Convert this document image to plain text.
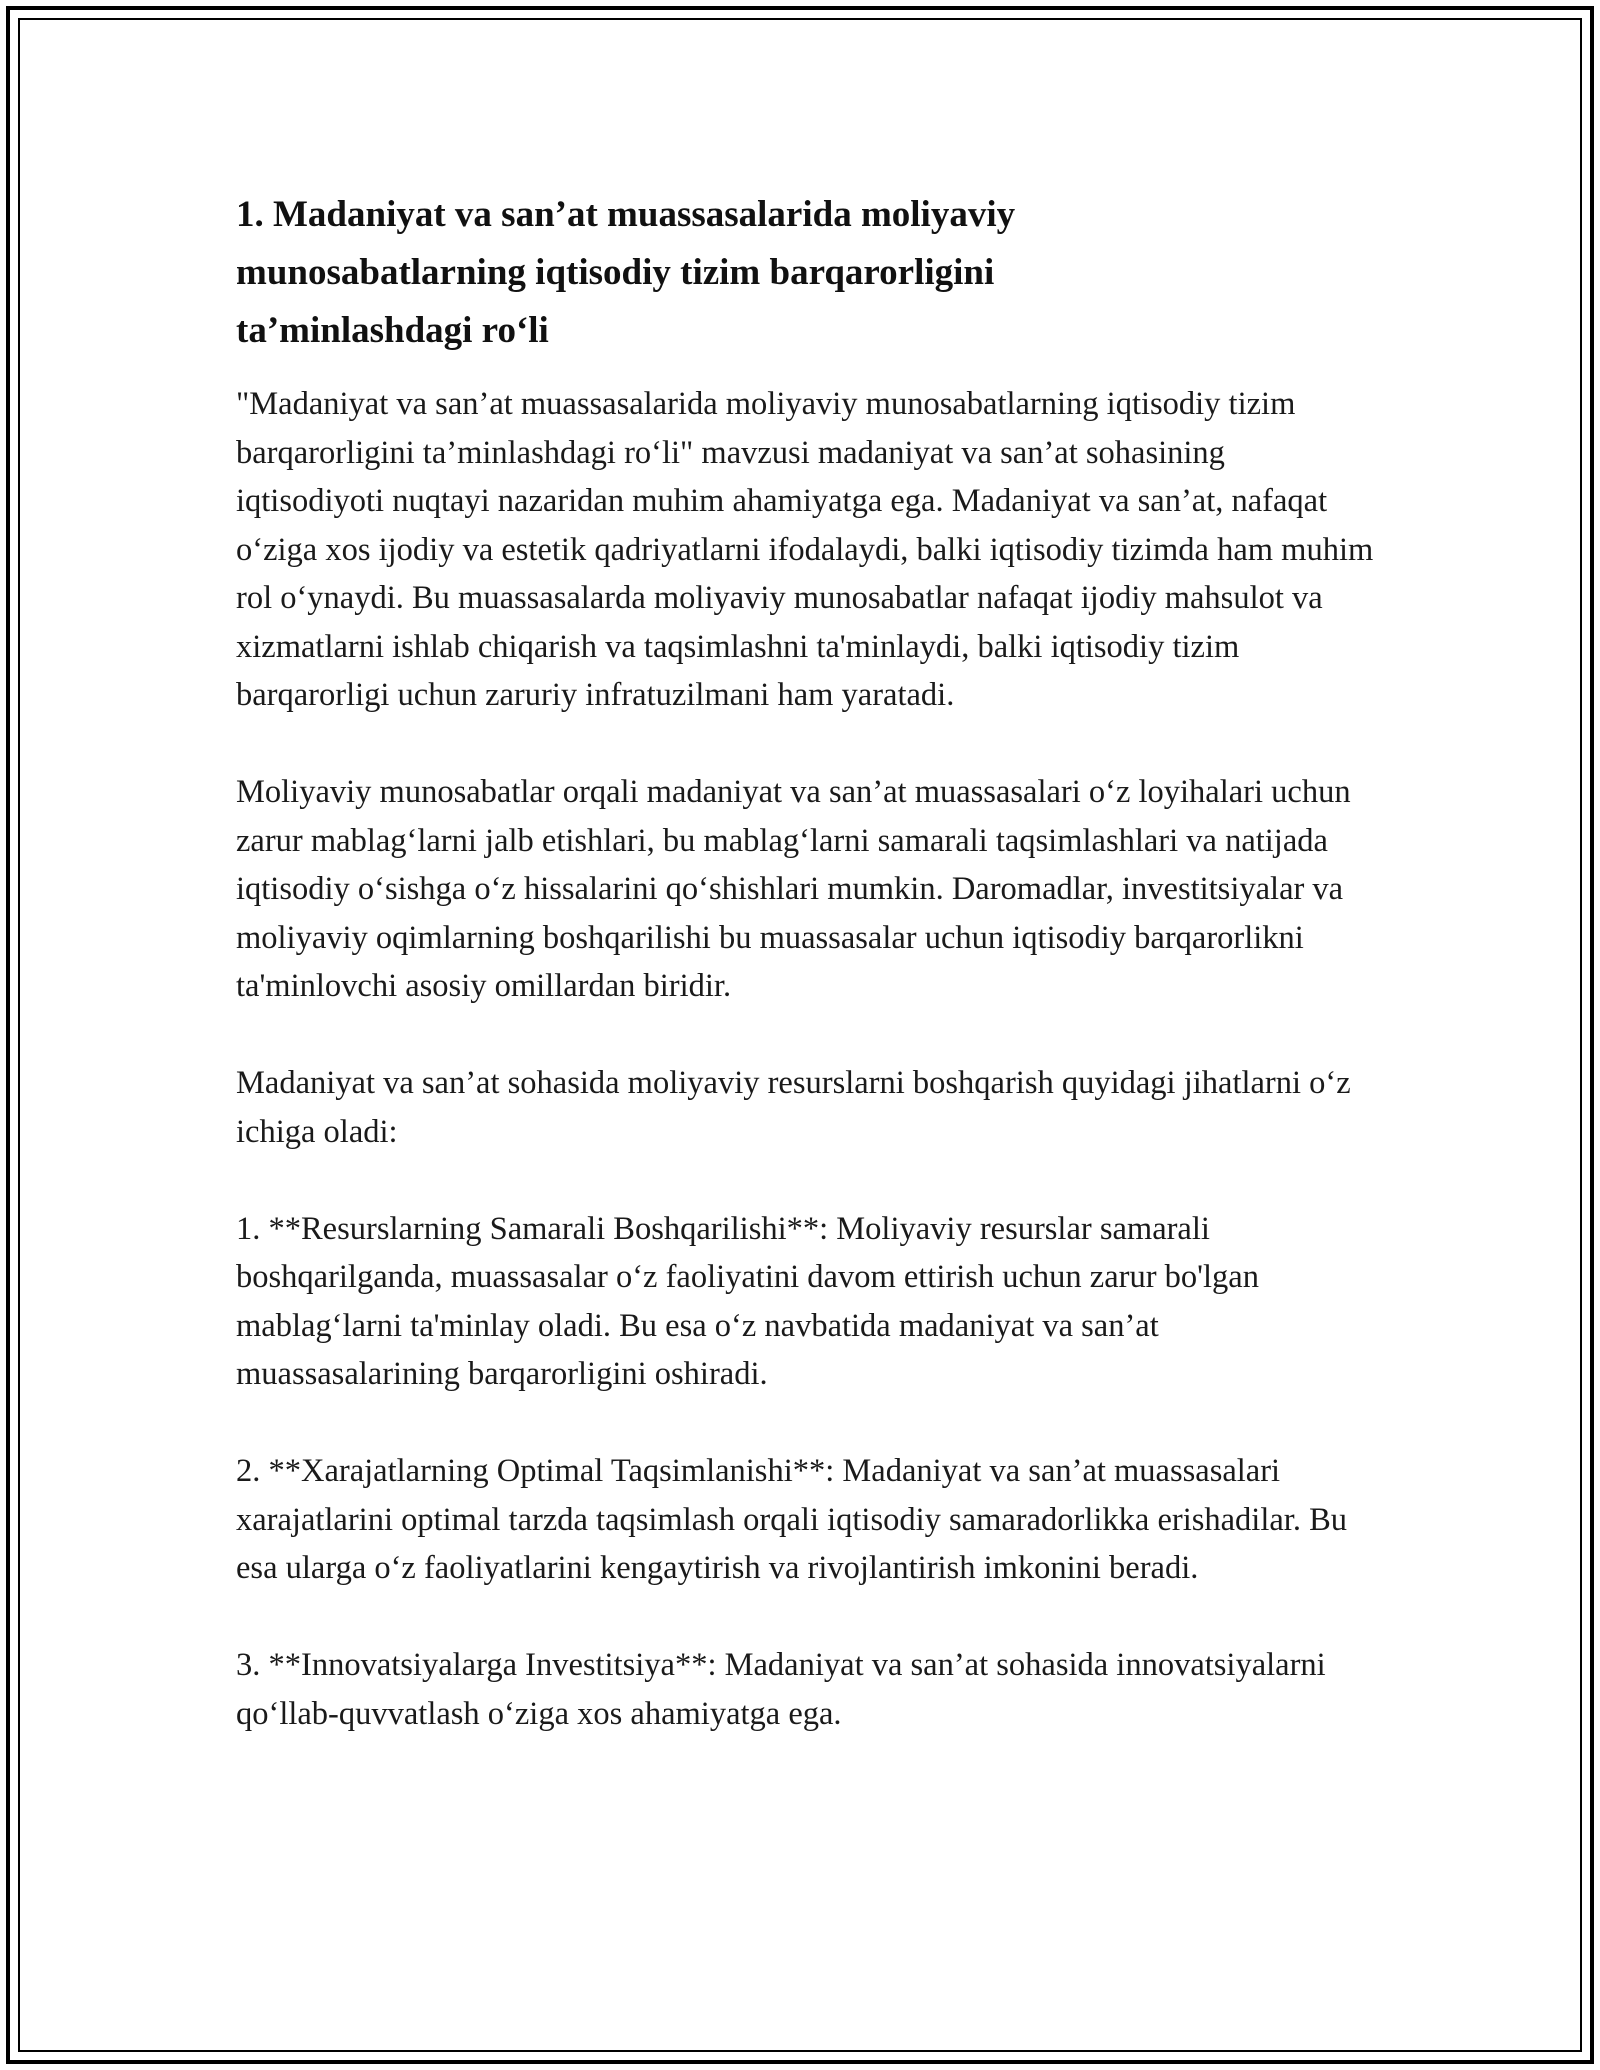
1. Madaniyat va san’at muassasalarida moliyaviy
munosabatlarning iqtisodiy tizim barqarorligini
ta’minlashdagi ro‘li

"Madaniyat va san’at muassasalarida moliyaviy munosabatlarning iqtisodiy tizim barqarorligini ta’minlashdagi ro‘li" mavzusi madaniyat va san’at sohasining iqtisodiyoti nuqtayi nazaridan muhim ahamiyatga ega. Madaniyat va san’at, nafaqat o‘ziga xos ijodiy va estetik qadriyatlarni ifodalaydi, balki iqtisodiy tizimda ham muhim rol o‘ynaydi. Bu muassasalarda moliyaviy munosabatlar nafaqat ijodiy mahsulot va xizmatlarni ishlab chiqarish va taqsimlashni ta'minlaydi, balki iqtisodiy tizim barqarorligi uchun zaruriy infratuzilmani ham yaratadi.

Moliyaviy munosabatlar orqali madaniyat va san’at muassasalari o‘z loyihalari uchun zarur mablag‘larni jalb etishlari, bu mablag‘larni samarali taqsimlashlari va natijada iqtisodiy o‘sishga o‘z hissalarini qo‘shishlari mumkin. Daromadlar, investitsiyalar va moliyaviy oqimlarning boshqarilishi bu muassasalar uchun iqtisodiy barqarorlikni ta'minlovchi asosiy omillardan biridir.

Madaniyat va san’at sohasida moliyaviy resurslarni boshqarish quyidagi jihatlarni o‘z ichiga oladi:

1. **Resurslarning Samarali Boshqarilishi**: Moliyaviy resurslar samarali boshqarilganda, muassasalar o‘z faoliyatini davom ettirish uchun zarur bo'lgan mablag‘larni ta'minlay oladi. Bu esa o‘z navbatida madaniyat va san’at muassasalarining barqarorligini oshiradi.

2. **Xarajatlarning Optimal Taqsimlanishi**: Madaniyat va san’at muassasalari xarajatlarini optimal tarzda taqsimlash orqali iqtisodiy samaradorlikka erishadilar. Bu esa ularga o‘z faoliyatlarini kengaytirish va rivojlantirish imkonini beradi.

3. **Innovatsiyalarga Investitsiya**: Madaniyat va san’at sohasida innovatsiyalarni qo‘llab-quvvatlash o‘ziga xos ahamiyatga ega.
